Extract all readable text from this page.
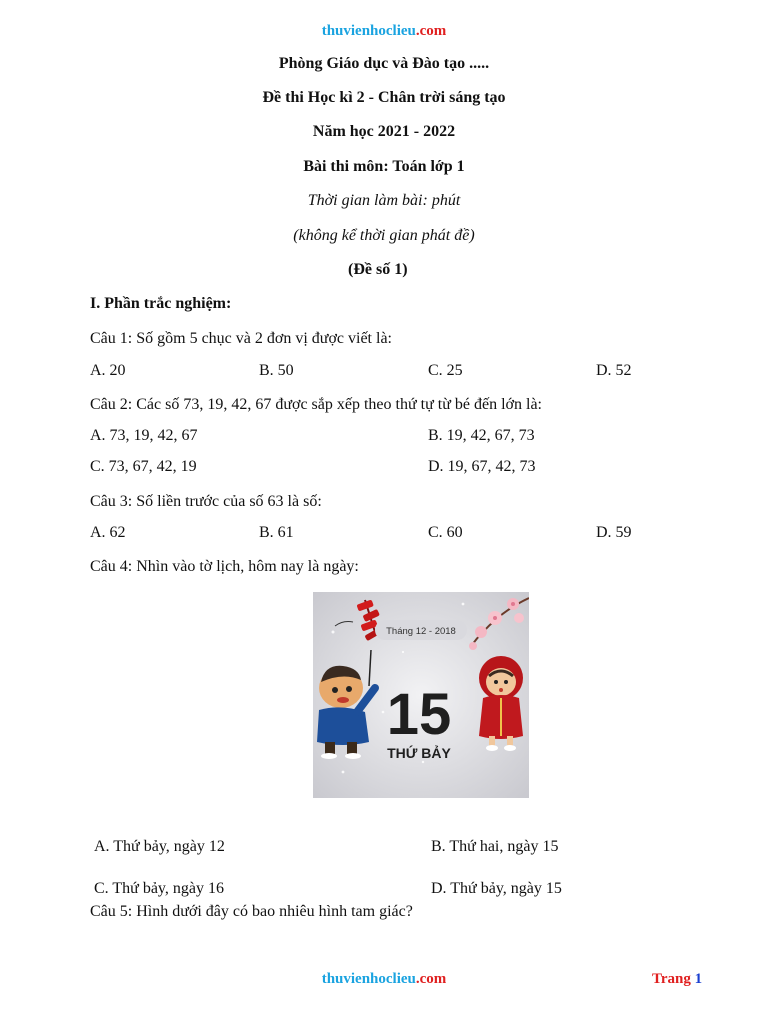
thuvienhoclieu.com
Phòng Giáo dục và Đào tạo .....
Đề thi Học kì 2 - Chân trời sáng tạo
Năm học 2021 - 2022
Bài thi môn: Toán lớp 1
Thời gian làm bài: phút
(không kể thời gian phát đề)
(Đề số 1)
I. Phần trắc nghiệm:
Câu 1: Số gồm 5 chục và 2 đơn vị được viết là:
A. 20	B. 50	C. 25	D. 52
Câu 2: Các số 73, 19, 42, 67 được sắp xếp theo thứ tự từ bé đến lớn là:
A. 73, 19, 42, 67	B. 19, 42, 67, 73
C. 73, 67, 42, 19	D. 19, 67, 42, 73
Câu 3: Số liền trước của số 63 là số:
A. 62	B. 61	C. 60	D. 59
Câu 4: Nhìn vào tờ lịch, hôm nay là ngày:
Tháng 12 - 2018
15
THỨ BẢY
A. Thứ bảy, ngày 12	B. Thứ hai, ngày 15
C. Thứ bảy, ngày 16	D. Thứ bảy, ngày 15
Câu 5: Hình dưới đây có bao nhiêu hình tam giác?
thuvienhoclieu.com	Trang 1
